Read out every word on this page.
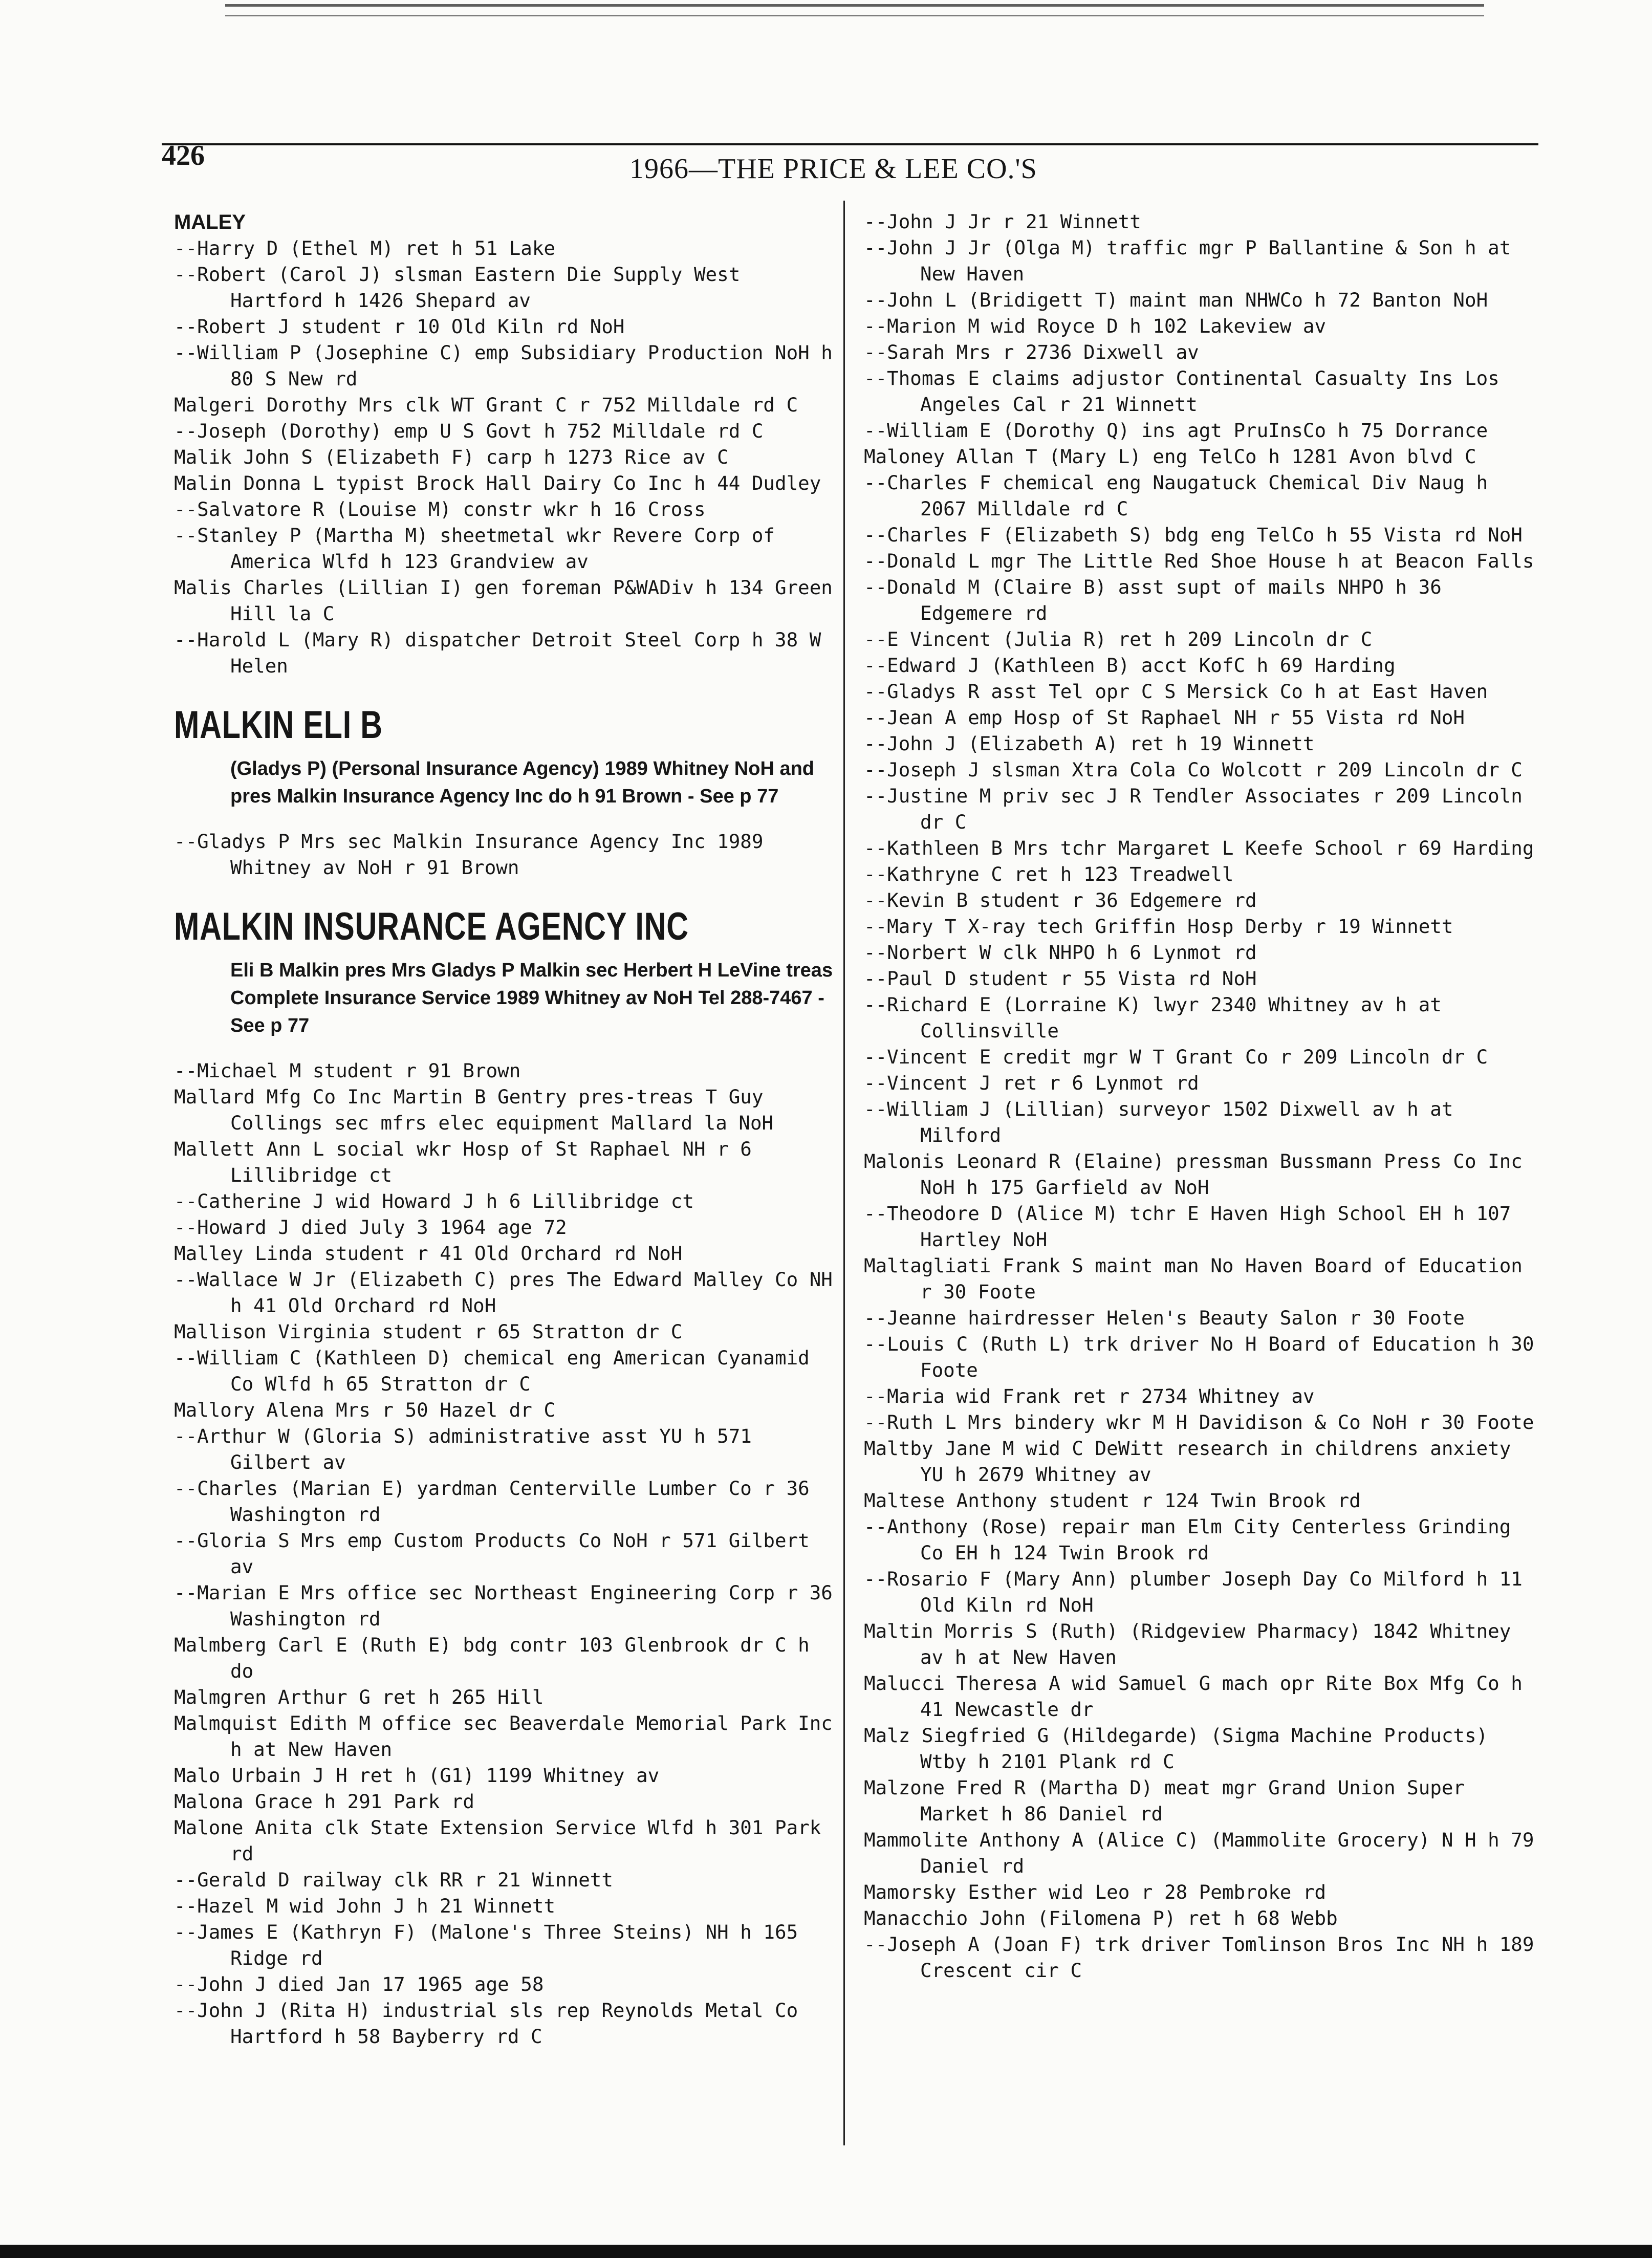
426	1966—THE PRICE & LEE CO.'S
MALEY
--Harry D (Ethel M) ret h 51 Lake
--Robert (Carol J) slsman Eastern Die Supply West Hartford h 1426 Shepard av
--Robert J student r 10 Old Kiln rd NoH
--William P (Josephine C) emp Subsidiary Production NoH h 80 S New rd
Malgeri Dorothy Mrs clk WT Grant C r 752 Milldale rd C
--Joseph (Dorothy) emp U S Govt h 752 Milldale rd C
Malik John S (Elizabeth F) carp h 1273 Rice av C
Malin Donna L typist Brock Hall Dairy Co Inc h 44 Dudley
--Salvatore R (Louise M) constr wkr h 16 Cross
--Stanley P (Martha M) sheetmetal wkr Revere Corp of America Wlfd h 123 Grandview av
Malis Charles (Lillian I) gen foreman P&WADiv h 134 Green Hill la C
--Harold L (Mary R) dispatcher Detroit Steel Corp h 38 W Helen
MALKIN ELI B
(Gladys P) (Personal Insurance Agency) 1989 Whitney NoH and pres Malkin Insurance Agency Inc do h 91 Brown - See p 77
--Gladys P Mrs sec Malkin Insurance Agency Inc 1989 Whitney av NoH r 91 Brown
MALKIN INSURANCE AGENCY INC
Eli B Malkin pres Mrs Gladys P Malkin sec Herbert H LeVine treas Complete Insurance Service 1989 Whitney av NoH Tel 288-7467 - See p 77
--Michael M student r 91 Brown
Mallard Mfg Co Inc Martin B Gentry pres-treas T Guy Collings sec mfrs elec equipment Mallard la NoH
Mallett Ann L social wkr Hosp of St Raphael NH r 6 Lillibridge ct
--Catherine J wid Howard J h 6 Lillibridge ct
--Howard J died July 3 1964 age 72
Malley Linda student r 41 Old Orchard rd NoH
--Wallace W Jr (Elizabeth C) pres The Edward Malley Co NH h 41 Old Orchard rd NoH
Mallison Virginia student r 65 Stratton dr C
--William C (Kathleen D) chemical eng American Cyanamid Co Wlfd h 65 Stratton dr C
Mallory Alena Mrs r 50 Hazel dr C
--Arthur W (Gloria S) administrative asst YU h 571 Gilbert av
--Charles (Marian E) yardman Centerville Lumber Co r 36 Washington rd
--Gloria S Mrs emp Custom Products Co NoH r 571 Gilbert av
--Marian E Mrs office sec Northeast Engineering Corp r 36 Washington rd
Malmberg Carl E (Ruth E) bdg contr 103 Glenbrook dr C h do
Malmgren Arthur G ret h 265 Hill
Malmquist Edith M office sec Beaverdale Memorial Park Inc h at New Haven
Malo Urbain J H ret h (G1) 1199 Whitney av
Malona Grace h 291 Park rd
Malone Anita clk State Extension Service Wlfd h 301 Park rd
--Gerald D railway clk RR r 21 Winnett
--Hazel M wid John J h 21 Winnett
--James E (Kathryn F) (Malone's Three Steins) NH h 165 Ridge rd
--John J died Jan 17 1965 age 58
--John J (Rita H) industrial sls rep Reynolds Metal Co Hartford h 58 Bayberry rd C
--John J Jr r 21 Winnett
--John J Jr (Olga M) traffic mgr P Ballantine & Son h at New Haven
--John L (Bridigett T) maint man NHWCo h 72 Banton NoH
--Marion M wid Royce D h 102 Lakeview av
--Sarah Mrs r 2736 Dixwell av
--Thomas E claims adjustor Continental Casualty Ins Los Angeles Cal r 21 Winnett
--William E (Dorothy Q) ins agt PruInsCo h 75 Dorrance
Maloney Allan T (Mary L) eng TelCo h 1281 Avon blvd C
--Charles F chemical eng Naugatuck Chemical Div Naug h 2067 Milldale rd C
--Charles F (Elizabeth S) bdg eng TelCo h 55 Vista rd NoH
--Donald L mgr The Little Red Shoe House h at Beacon Falls
--Donald M (Claire B) asst supt of mails NHPO h 36 Edgemere rd
--E Vincent (Julia R) ret h 209 Lincoln dr C
--Edward J (Kathleen B) acct KofC h 69 Harding
--Gladys R asst Tel opr C S Mersick Co h at East Haven
--Jean A emp Hosp of St Raphael NH r 55 Vista rd NoH
--John J (Elizabeth A) ret h 19 Winnett
--Joseph J slsman Xtra Cola Co Wolcott r 209 Lincoln dr C
--Justine M priv sec J R Tendler Associates r 209 Lincoln dr C
--Kathleen B Mrs tchr Margaret L Keefe School r 69 Harding
--Kathryne C ret h 123 Treadwell
--Kevin B student r 36 Edgemere rd
--Mary T X-ray tech Griffin Hosp Derby r 19 Winnett
--Norbert W clk NHPO h 6 Lynmot rd
--Paul D student r 55 Vista rd NoH
--Richard E (Lorraine K) lwyr 2340 Whitney av h at Collinsville
--Vincent E credit mgr W T Grant Co r 209 Lincoln dr C
--Vincent J ret r 6 Lynmot rd
--William J (Lillian) surveyor 1502 Dixwell av h at Milford
Malonis Leonard R (Elaine) pressman Bussmann Press Co Inc NoH h 175 Garfield av NoH
--Theodore D (Alice M) tchr E Haven High School EH h 107 Hartley NoH
Maltagliati Frank S maint man No Haven Board of Education r 30 Foote
--Jeanne hairdresser Helen's Beauty Salon r 30 Foote
--Louis C (Ruth L) trk driver No H Board of Education h 30 Foote
--Maria wid Frank ret r 2734 Whitney av
--Ruth L Mrs bindery wkr M H Davidison & Co NoH r 30 Foote
Maltby Jane M wid C DeWitt research in childrens anxiety YU h 2679 Whitney av
Maltese Anthony student r 124 Twin Brook rd
--Anthony (Rose) repair man Elm City Centerless Grinding Co EH h 124 Twin Brook rd
--Rosario F (Mary Ann) plumber Joseph Day Co Milford h 11 Old Kiln rd NoH
Maltin Morris S (Ruth) (Ridgeview Pharmacy) 1842 Whitney av h at New Haven
Malucci Theresa A wid Samuel G mach opr Rite Box Mfg Co h 41 Newcastle dr
Malz Siegfried G (Hildegarde) (Sigma Machine Products) Wtby h 2101 Plank rd C
Malzone Fred R (Martha D) meat mgr Grand Union Super Market h 86 Daniel rd
Mammolite Anthony A (Alice C) (Mammolite Grocery) N H h 79 Daniel rd
Mamorsky Esther wid Leo r 28 Pembroke rd
Manacchio John (Filomena P) ret h 68 Webb
--Joseph A (Joan F) trk driver Tomlinson Bros Inc NH h 189 Crescent cir C
